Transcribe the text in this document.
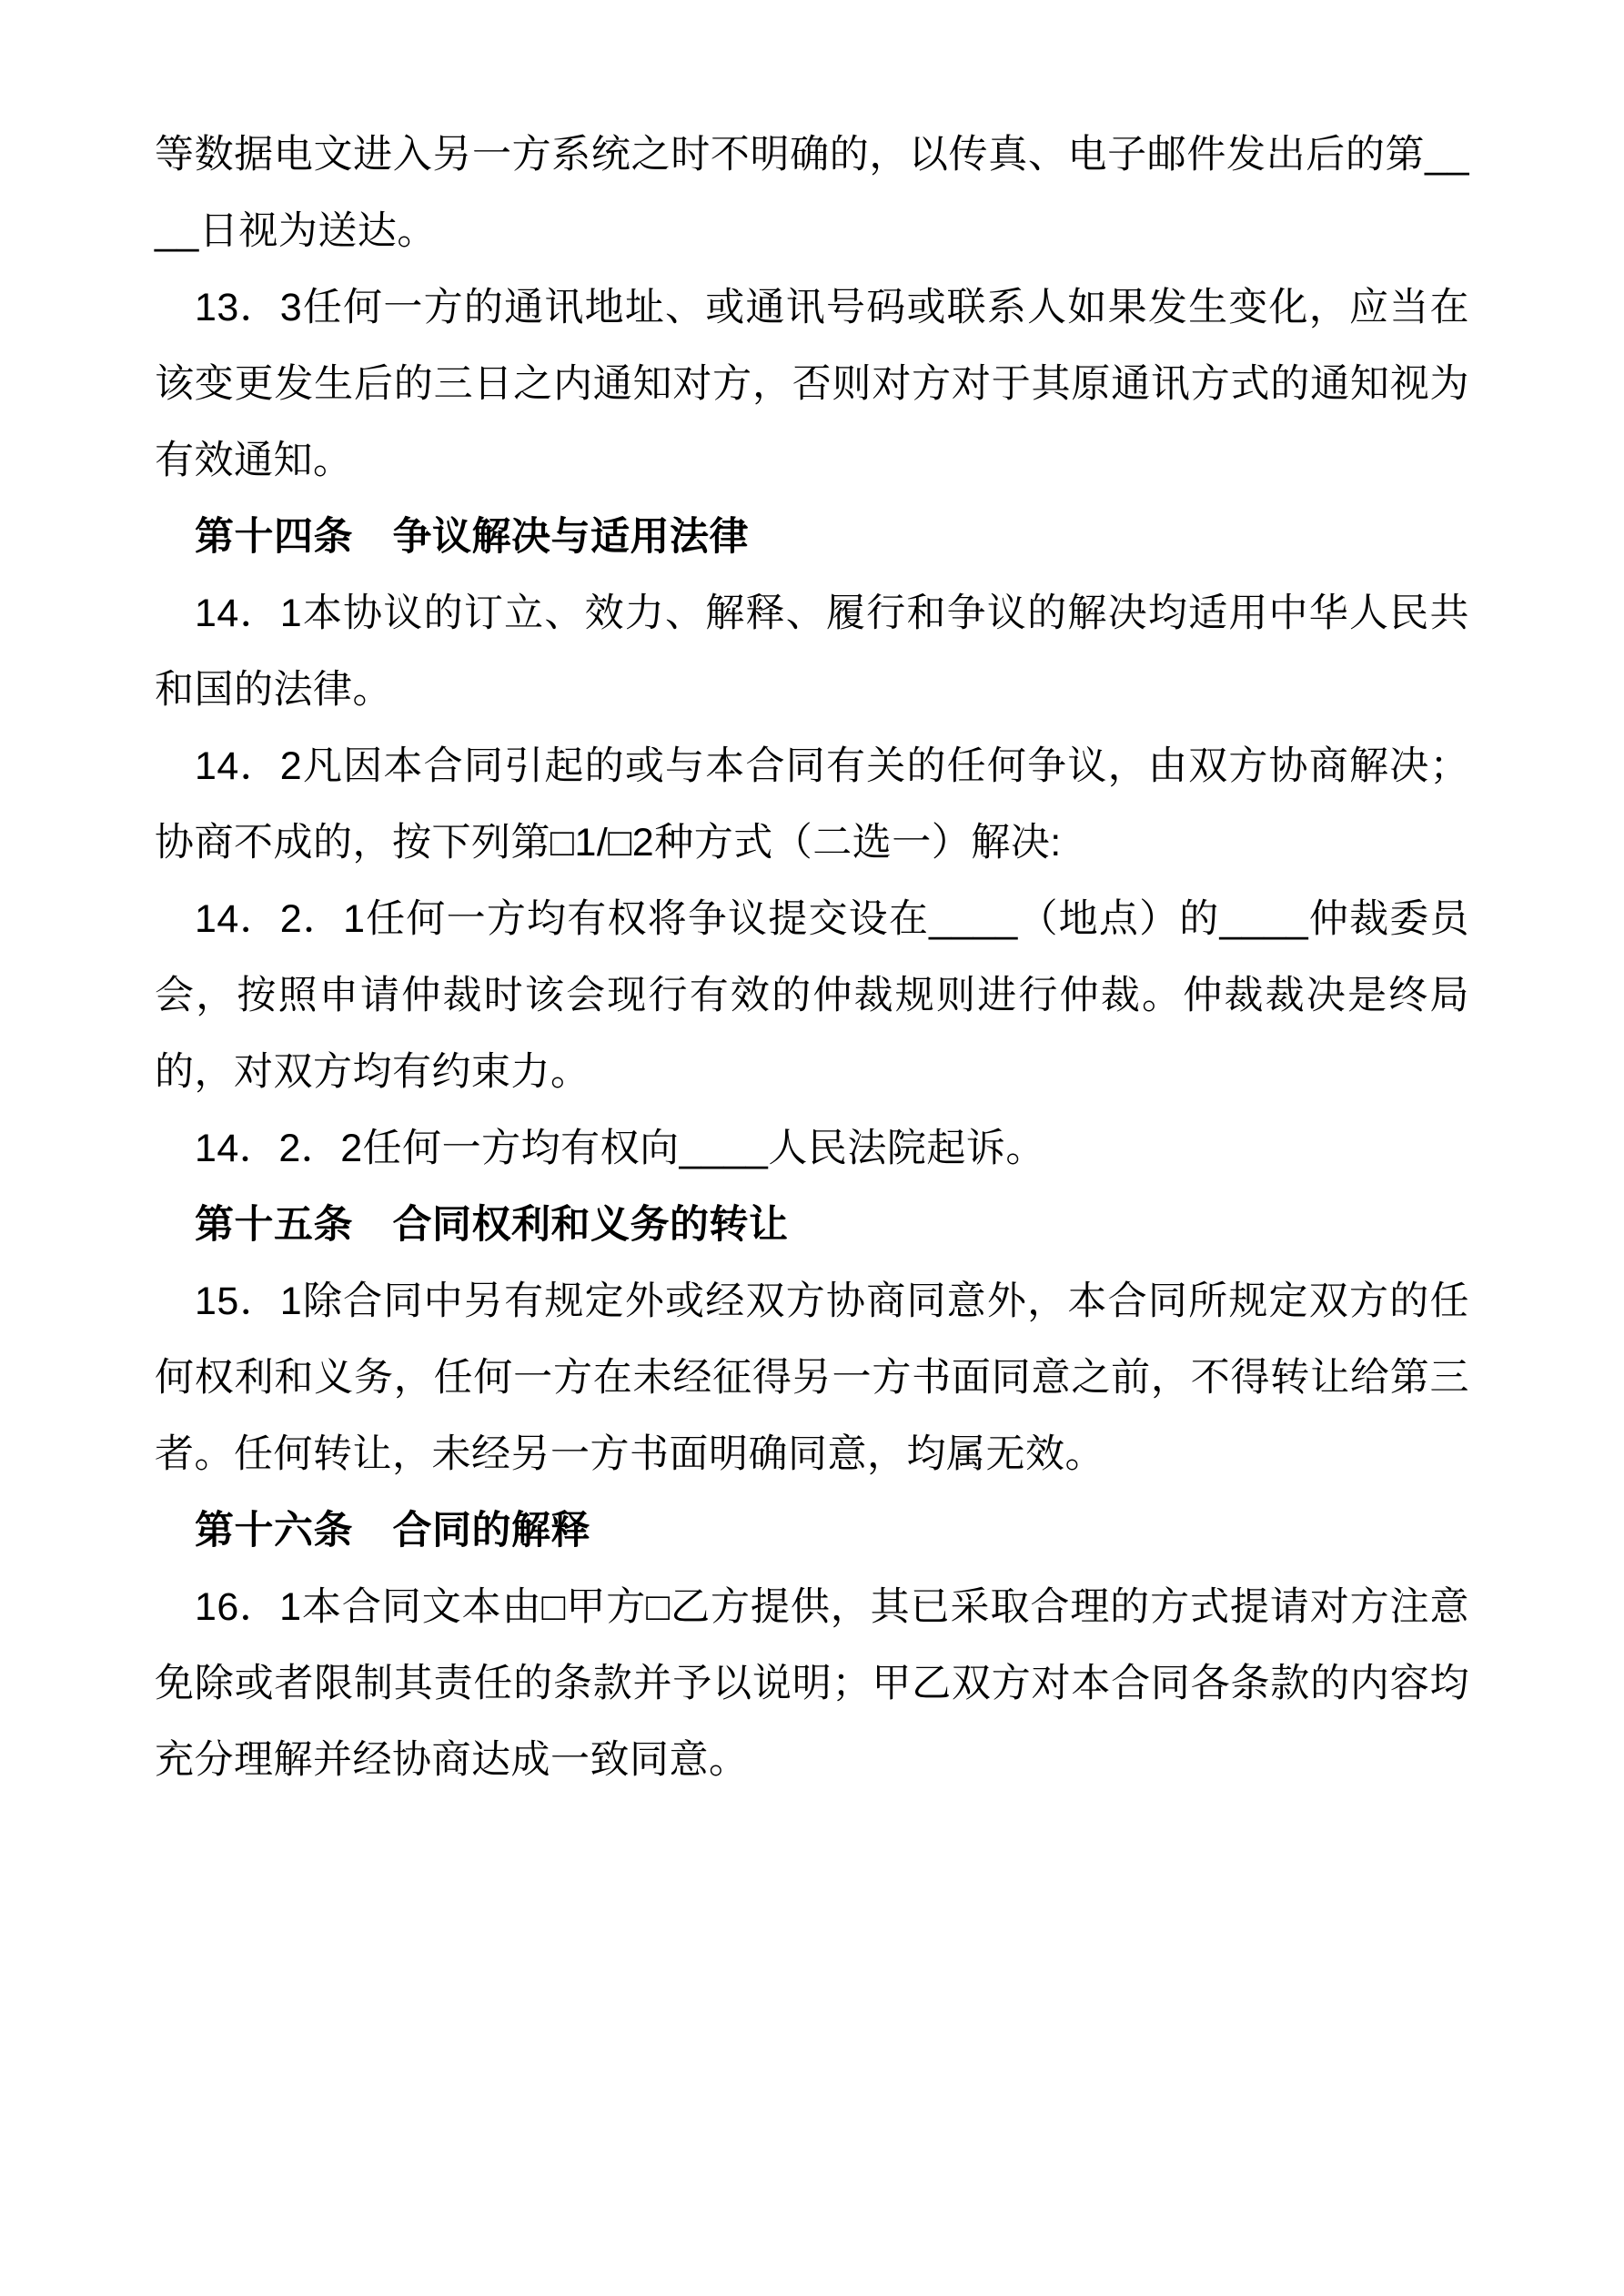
等数据电文进入另一方系统之时不明确的，以传真、电子邮件发出后的第____日视为送达。

13．3任何一方的通讯地址、或通讯号码或联系人如果发生变化，应当在该变更发生后的三日之内通知对方，否则对方对于其原通讯方式的通知视为有效通知。

第十四条　争议解决与适用法律

14．1本协议的订立、效力、解释、履行和争议的解决均适用中华人民共和国的法律。

14．2凡因本合同引起的或与本合同有关的任何争议，由双方协商解决；协商不成的，按下列第□1/□2种方式（二选一）解决:

14．2．1任何一方均有权将争议提交设在____（地点）的____仲裁委员会，按照申请仲裁时该会现行有效的仲裁规则进行仲裁。仲裁裁决是终局的，对双方均有约束力。

14．2．2任何一方均有权向____人民法院起诉。

第十五条　合同权利和义务的转让

15．1除合同中另有规定外或经双方协商同意外，本合同所规定双方的任何权利和义务，任何一方在未经征得另一方书面同意之前，不得转让给第三者。任何转让，未经另一方书面明确同意，均属无效。

第十六条　合同的解释

16．1本合同文本由□甲方□乙方提供，其已采取合理的方式提请对方注意免除或者限制其责任的条款并予以说明；甲乙双方对本合同各条款的内容均充分理解并经协商达成一致同意。
